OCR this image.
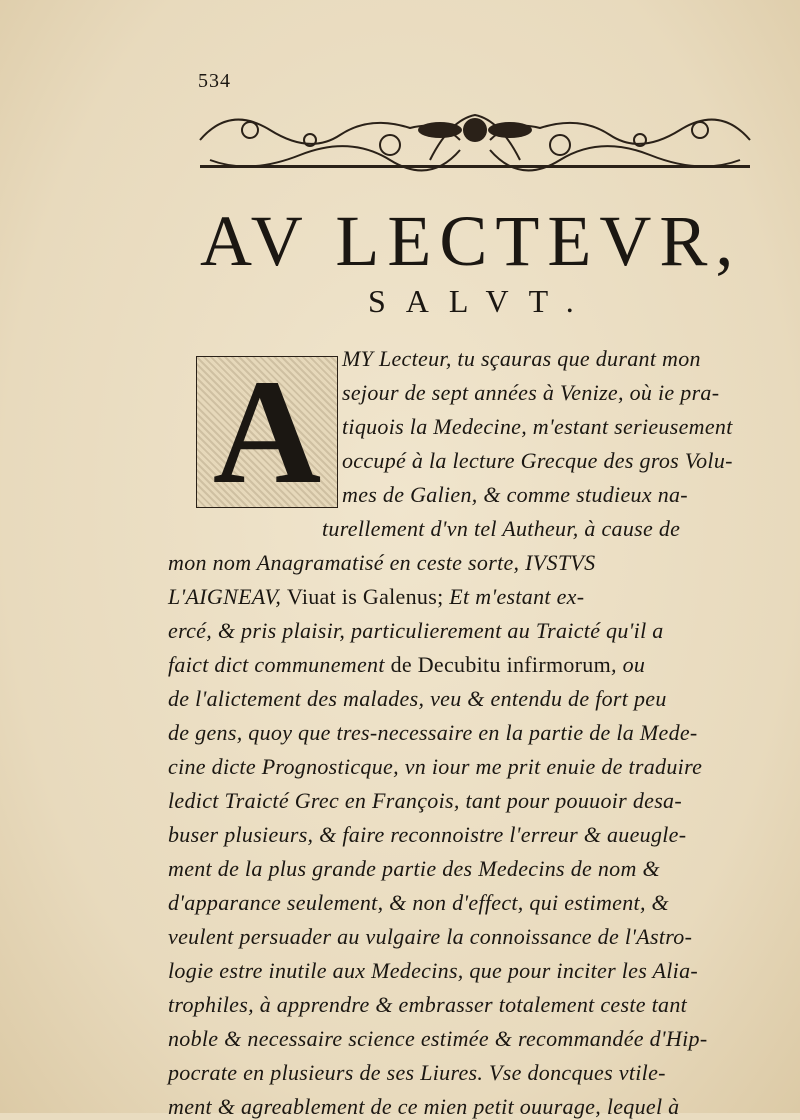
534
AV LECTEVR,
SALVT.
A MY Lecteur, tu sçauras que durant mon
sejour de sept années à Venize, où ie pra-
tiquois la Medecine, m'estant serieusement
occupé à la lecture Grecque des gros Volu-
mes de Galien, & comme studieux na-
turellement d'vn tel Autheur, à cause de
mon nom Anagramatisé en ceste sorte, IVSTVS
L'AIGNEAV, Viuat is Galenus; Et m'estant ex-
ercé, & pris plaisir, particulierement au Traicté qu'il a
faict dict communement de Decubitu infirmorum, ou
de l'alictement des malades, veu & entendu de fort peu
de gens, quoy que tres-necessaire en la partie de la Mede-
cine dicte Prognosticque, vn iour me prit enuie de traduire
ledict Traicté Grec en François, tant pour pouuoir desa-
buser plusieurs, & faire reconnoistre l'erreur & aueugle-
ment de la plus grande partie des Medecins de nom &
d'apparance seulement, & non d'effect, qui estiment, &
veulent persuader au vulgaire la connoissance de l'Astro-
logie estre inutile aux Medecins, que pour inciter les Alia-
trophiles, à apprendre & embrasser totalement ceste tant
noble & necessaire science estimée & recommandée d'Hip-
pocrate en plusieurs de ses Liures. Vse doncques vtile-
ment & agreablement de ce mien petit ouurage, lequel à
